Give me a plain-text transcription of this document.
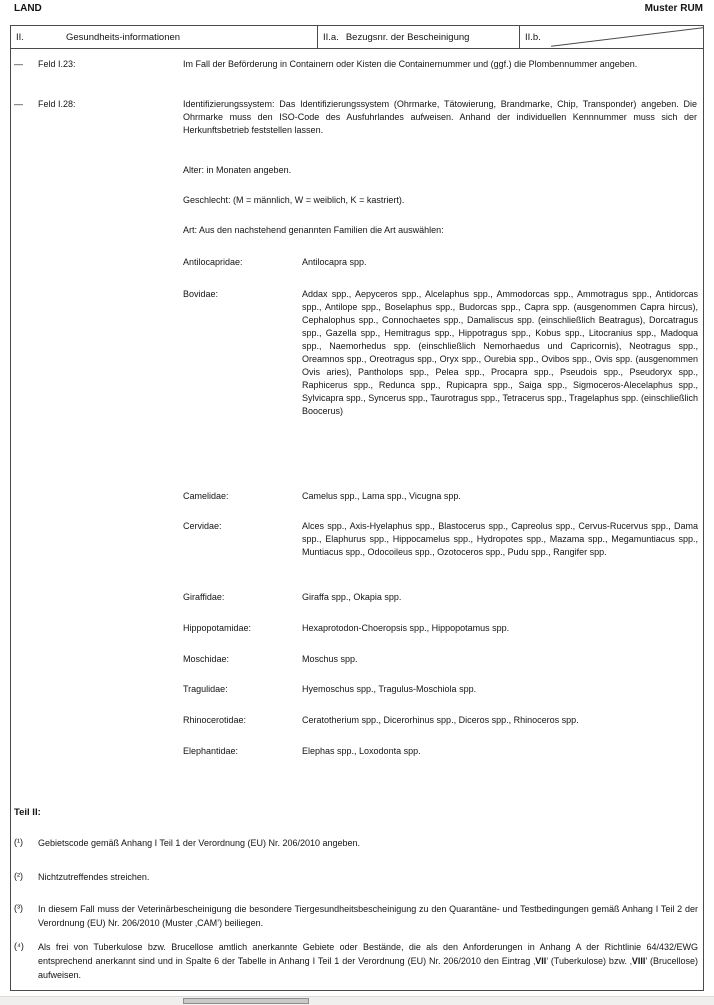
LAND	Muster RUM
II.	Gesundheits-informationen	II.a. Bezugsnr. der Bescheinigung	II.b.
—	Feld I.23:	Im Fall der Beförderung in Containern oder Kisten die Containernummer und (ggf.) die Plombennummer angeben.
—	Feld I.28:	Identifizierungssystem: Das Identifizierungssystem (Ohrmarke, Tätowierung, Brandmarke, Chip, Transponder) angeben. Die Ohrmarke muss den ISO-Code des Ausfuhrlandes aufweisen. Anhand der individuellen Kennnummer muss sich der Herkunftsbetrieb feststellen lassen.
Alter: in Monaten angeben.
Geschlecht: (M = männlich, W = weiblich, K = kastriert).
Art: Aus den nachstehend genannten Familien die Art auswählen:
Antilocapridae:	Antilocapra spp.
Bovidae:	Addax spp., Aepyceros spp., Alcelaphus spp., Ammodorcas spp., Ammotragus spp., Antidorcas spp., Antilope spp., Boselaphus spp., Budorcas spp., Capra spp. (ausgenommen Capra hircus), Cephalophus spp., Connochaetes spp., Damaliscus spp. (einschließlich Beatragus), Dorcatragus spp., Gazella spp., Hemitragus spp., Hippotragus spp., Kobus spp., Litocranius spp., Madoqua spp., Naemorhedus spp. (einschließlich Nemorhaedus und Capricornis), Neotragus spp., Oreamnos spp., Oreotragus spp., Oryx spp., Ourebia spp., Ovibos spp., Ovis spp. (ausgenommen Ovis aries), Pantholops spp., Pelea spp., Procapra spp., Pseudois spp., Pseudoryx spp., Raphicerus spp., Redunca spp., Rupicapra spp., Saiga spp., Sigmoceros-Alecelaphus spp., Sylvicapra spp., Syncerus spp., Taurotragus spp., Tetracerus spp., Tragelaphus spp. (einschließlich Boocerus)
Camelidae:	Camelus spp., Lama spp., Vicugna spp.
Cervidae:	Alces spp., Axis-Hyelaphus spp., Blastocerus spp., Capreolus spp., Cervus-Rucervus spp., Dama spp., Elaphurus spp., Hippocamelus spp., Hydropotes spp., Mazama spp., Megamuntiacus spp., Muntiacus spp., Odocoileus spp., Ozotoceros spp., Pudu spp., Rangifer spp.
Giraffidae:	Giraffa spp., Okapia spp.
Hippopotamidae:	Hexaprotodon-Choeropsis spp., Hippopotamus spp.
Moschidae:	Moschus spp.
Tragulidae:	Hyemoschus spp., Tragulus-Moschiola spp.
Rhinocerotidae:	Ceratotherium spp., Dicerorhinus spp., Diceros spp., Rhinoceros spp.
Elephantidae:	Elephas spp., Loxodonta spp.
Teil II:
(¹) Gebietscode gemäß Anhang I Teil 1 der Verordnung (EU) Nr. 206/2010 angeben.
(²) Nichtzutreffendes streichen.
(³) In diesem Fall muss der Veterinärbescheinigung die besondere Tiergesundheitsbescheinigung zu den Quarantäne- und Testbedingungen gemäß Anhang I Teil 2 der Verordnung (EU) Nr. 206/2010 (Muster ‚CAM’) beiliegen.
(⁴) Als frei von Tuberkulose bzw. Brucellose amtlich anerkannte Gebiete oder Bestände, die als den Anforderungen in Anhang A der Richtlinie 64/432/EWG entsprechend anerkannt sind und in Spalte 6 der Tabelle in Anhang I Teil 1 der Verordnung (EU) Nr. 206/2010 den Eintrag ‚VII’ (Tuberkulose) bzw. ‚VIII’ (Brucellose) aufweisen.
